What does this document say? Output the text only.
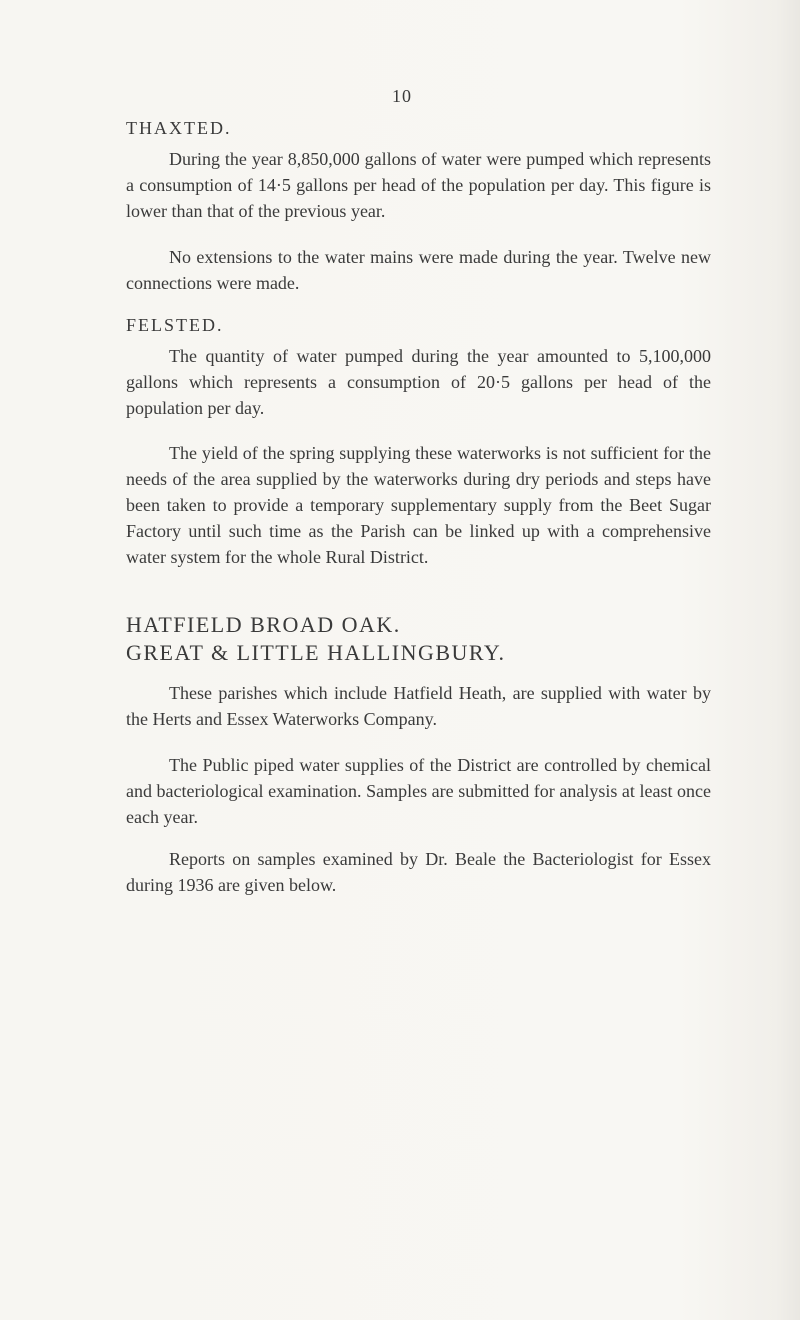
10
THAXTED.

During the year 8,850,000 gallons of water were pumped which represents a consumption of 14·5 gallons per head of the population per day. This figure is lower than that of the previous year.

No extensions to the water mains were made during the year. Twelve new connections were made.

FELSTED.

The quantity of water pumped during the year amounted to 5,100,000 gallons which represents a consumption of 20·5 gallons per head of the population per day.

The yield of the spring supplying these waterworks is not sufficient for the needs of the area supplied by the waterworks during dry periods and steps have been taken to provide a temporary supplementary supply from the Beet Sugar Factory until such time as the Parish can be linked up with a comprehensive water system for the whole Rural District.

HATFIELD BROAD OAK.
GREAT & LITTLE HALLINGBURY.

These parishes which include Hatfield Heath, are supplied with water by the Herts and Essex Waterworks Company.

The Public piped water supplies of the District are controlled by chemical and bacteriological examination. Samples are submitted for analysis at least once each year.

Reports on samples examined by Dr. Beale the Bacteriologist for Essex during 1936 are given below.
